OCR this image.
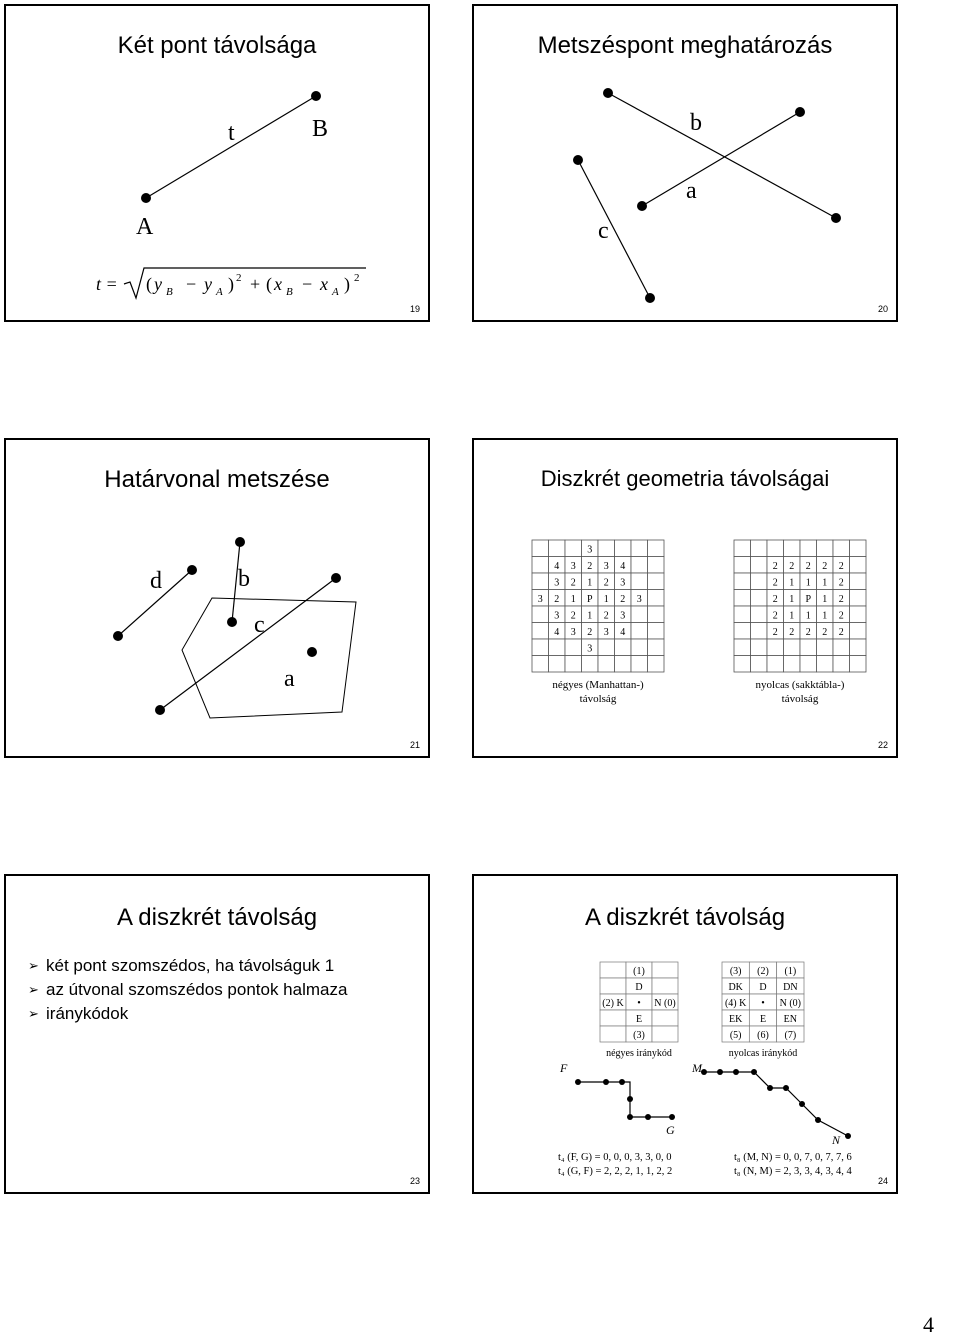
Két pont távolsága
t	B
A
t = ( y B − y A ) 2 + ( x B − x A ) 2
19
Metszéspont meghatározás
b
a
c
20
Határvonal metszése
d	b
c
a
21
Diszkrét geometria távolságai
3
4 3 2 3 4
3 2 1 2 3
3 2 1 P 1 2 3
3 2 1 2 3
4 3 2 3 4
3
négyes (Manhattan-)
távolság
2 2 2 2 2
2 1 1 1 2
2 1 P 1 2
2 1 1 1 2
2 2 2 2 2
nyolcas (sakktábla-)
távolság
22
A diszkrét távolság
➢ két pont szomszédos, ha távolságuk 1
➢ az útvonal szomszédos pontok halmaza
➢ iránykódok
23
A diszkrét távolság
F
G
M
N
t₄ (F, G) = 0, 0, 0, 3, 3, 0, 0
t₄ (G, F) = 2, 2, 2, 1, 1, 2, 2
t₈ (M, N) = 0, 0, 7, 0, 7, 7, 6
t₈ (N, M) = 2, 3, 3, 4, 3, 4, 4
(1)
D
(2) K • N (0)
E
(3)
négyes iránykód
(3) (2) (1)
DK D DN
(4) K • N (0)
EK E EN
(5) (6) (7)
nyolcas iránykód
24
4
